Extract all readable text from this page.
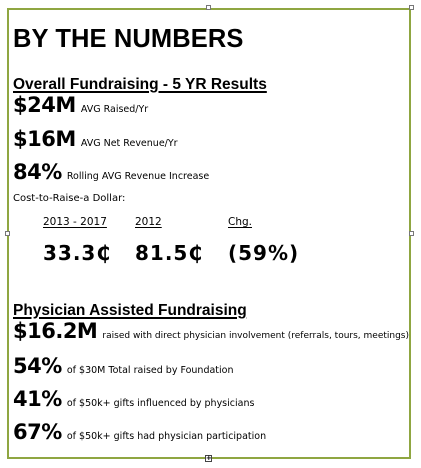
+
BY THE NUMBERS
Overall Fundraising - 5 YR Results
$24M AVG Raised/Yr
$16M AVG Net Revenue/Yr
84% Rolling AVG Revenue Increase
Cost-to-Raise-a Dollar:
2013 - 2017	2012	Chg.
33.3₵ 81.5₵ (59%)
Physician Assisted Fundraising
$16.2M raised with direct physician involvement (referrals, tours, meetings)
54% of $30M Total raised by Foundation
41% of $50k+ gifts influenced by physicians
67% of $50k+ gifts had physician participation
